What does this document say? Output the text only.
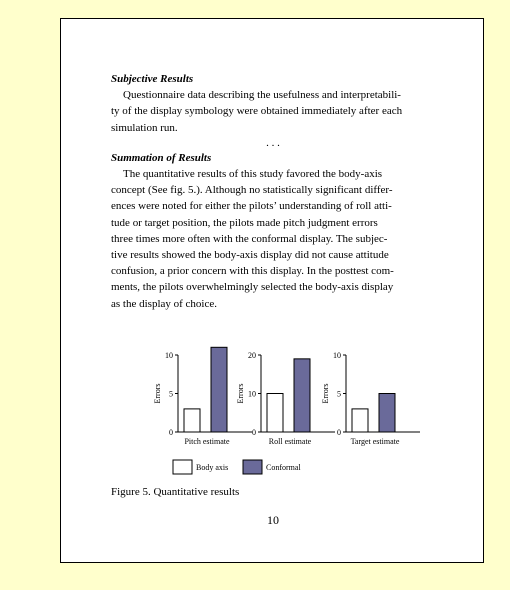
Subjective Results
Questionnaire data describing the usefulness and interpretabili-
ty of the display symbology were obtained immediately after each
simulation run.
. . .
Summation of Results
The quantitative results of this study favored the body-axis
concept (See fig. 5.). Although no statistically significant differ-
ences were noted for either the pilots’ understanding of roll atti-
tude or target position, the pilots made pitch judgment errors
three times more often with the conformal display. The subjec-
tive results showed the body-axis display did not cause attitude
confusion, a prior concern with this display. In the posttest com-
ments, the pilots overwhelmingly selected the body-axis display
as the display of choice.
0
5
10
Errors
Pitch estimate
0
10
20
Errors
Roll estimate
0
5
10
Errors
Target estimate
Body axis	Conformal
Figure 5. Quantitative results
10
